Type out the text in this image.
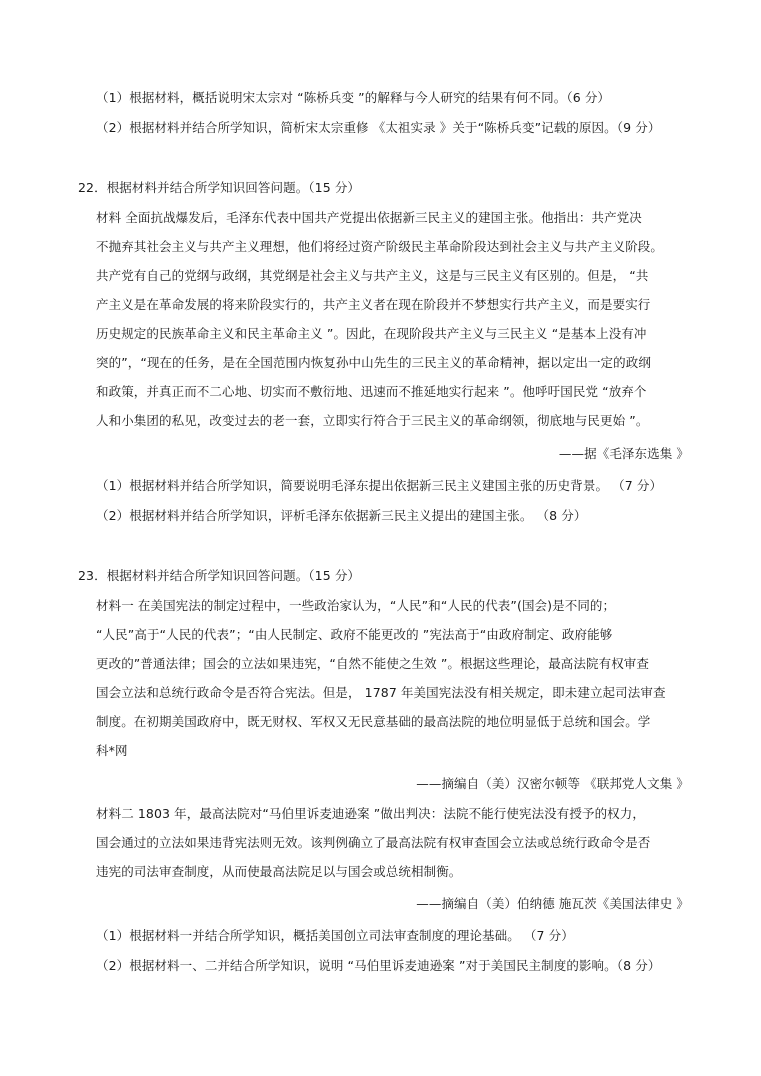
（1）根据材料，概括说明宋太宗对 “陈桥兵变 ”的解释与今人研究的结果有何不同。（6 分）
（2）根据材料并结合所学知识，简析宋太宗重修 《太祖实录 》关于“陈桥兵变”记载的原因。（9 分）
22．根据材料并结合所学知识回答问题。（15 分）
材料 全面抗战爆发后，毛泽东代表中国共产党提出依据新三民主义的建国主张。他指出：共产党决
不抛弃其社会主义与共产主义理想，他们将经过资产阶级民主革命阶段达到社会主义与共产主义阶段。
共产党有自己的党纲与政纲，其党纲是社会主义与共产主义，这是与三民主义有区别的。但是， “共
产主义是在革命发展的将来阶段实行的，共产主义者在现在阶段并不梦想实行共产主义，而是要实行
历史规定的民族革命主义和民主革命主义 ”。因此，在现阶段共产主义与三民主义 “是基本上没有冲
突的”，“现在的任务，是在全国范围内恢复孙中山先生的三民主义的革命精神，据以定出一定的政纲
和政策，并真正而不二心地、切实而不敷衍地、迅速而不推延地实行起来 ”。他呼吁国民党 “放弃个
人和小集团的私见，改变过去的老一套，立即实行符合于三民主义的革命纲领，彻底地与民更始 ”。
——据《毛泽东选集 》
（1）根据材料并结合所学知识，简要说明毛泽东提出依据新三民主义建国主张的历史背景。 （7 分）
（2）根据材料并结合所学知识，评析毛泽东依据新三民主义提出的建国主张。 （8 分）
23．根据材料并结合所学知识回答问题。（15 分）
材料一 在美国宪法的制定过程中，一些政治家认为，“人民”和“人民的代表”(国会)是不同的；
“人民”高于“人民的代表”；“由人民制定、政府不能更改的 ”宪法高于“由政府制定、政府能够
更改的”普通法律；国会的立法如果违宪，“自然不能使之生效 ”。根据这些理论，最高法院有权审查
国会立法和总统行政命令是否符合宪法。但是， 1787 年美国宪法没有相关规定，即未建立起司法审查
制度。在初期美国政府中，既无财权、军权又无民意基础的最高法院的地位明显低于总统和国会。学
科*网
——摘编自（美）汉密尔顿等 《联邦党人文集 》
材料二 1803 年，最高法院对“马伯里诉麦迪逊案 ”做出判决：法院不能行使宪法没有授予的权力，
国会通过的立法如果违背宪法则无效。该判例确立了最高法院有权审查国会立法或总统行政命令是否
违宪的司法审查制度，从而使最高法院足以与国会或总统相制衡。
——摘编自（美）伯纳德 施瓦茨《美国法律史 》
（1）根据材料一并结合所学知识，概括美国创立司法审查制度的理论基础。 （7 分）
（2）根据材料一、二并结合所学知识，说明 “马伯里诉麦迪逊案 ”对于美国民主制度的影响。（8 分）
